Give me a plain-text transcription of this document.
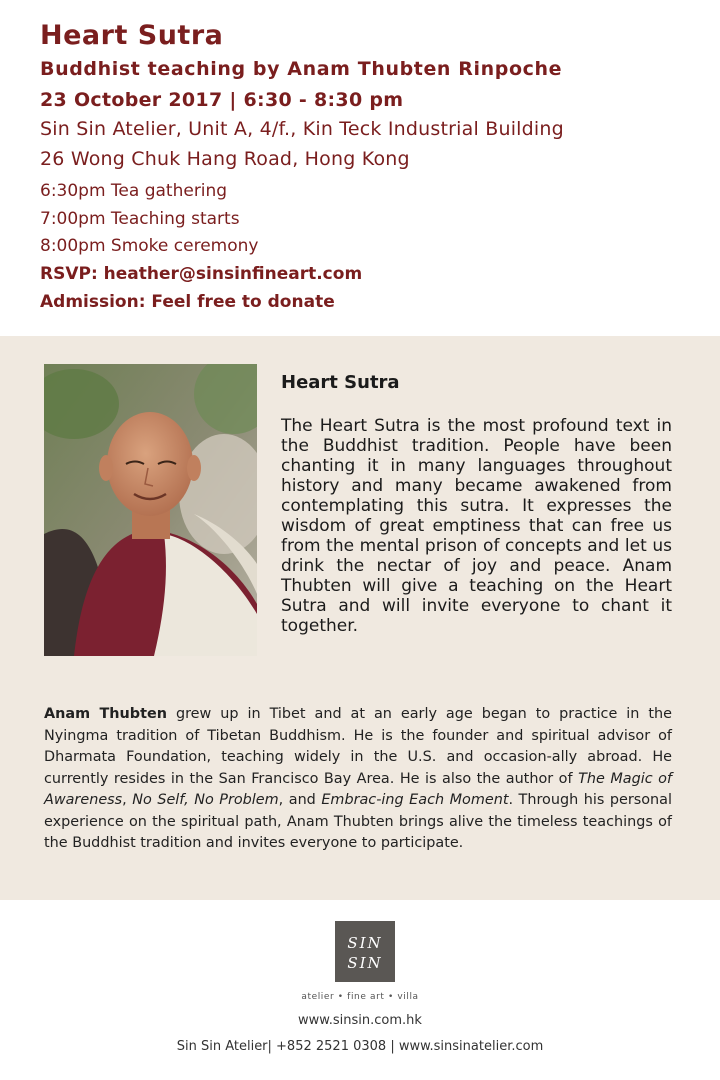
Heart Sutra
Buddhist teaching by Anam Thubten Rinpoche
23 October 2017 | 6:30 - 8:30 pm
Sin Sin Atelier, Unit A, 4/f., Kin Teck Industrial Building
26 Wong Chuk Hang Road, Hong Kong
6:30pm Tea gathering
7:00pm Teaching starts
8:00pm Smoke ceremony
RSVP: heather@sinsinfineart.com
Admission: Feel free to donate
Heart Sutra

The Heart Sutra is the most profound text in the Buddhist tradition. People have been chanting it in many languages throughout history and many became awakened from contemplating this sutra. It expresses the wisdom of great emptiness that can free us from the mental prison of concepts and let us drink the nectar of joy and peace. Anam Thubten will give a teaching on the Heart Sutra and will invite everyone to chant it together.

Anam Thubten grew up in Tibet and at an early age began to practice in the Nyingma tradition of Tibetan Buddhism. He is the founder and spiritual advisor of Dharmata Foundation, teaching widely in the U.S. and occasion-ally abroad. He currently resides in the San Francisco Bay Area. He is also the author of The Magic of Awareness, No Self, No Problem, and Embrac-ing Each Moment. Through his personal experience on the spiritual path, Anam Thubten brings alive the timeless teachings of the Buddhist tradition and invites everyone to participate.

SIN
SIN

atelier • fine art • villa

www.sinsin.com.hk

Sin Sin Atelier| +852 2521 0308 | www.sinsinatelier.com
